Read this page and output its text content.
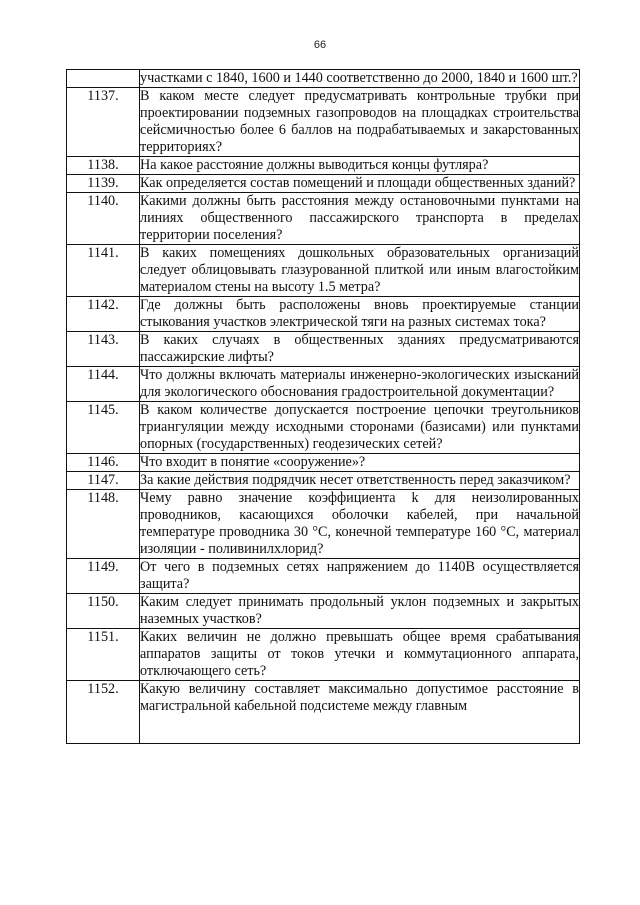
66
	участками с 1840, 1600 и 1440 соответственно до 2000, 1840 и 1600 шт.?
1137.	В каком месте следует предусматривать контрольные трубки при проектировании подземных газопроводов на площадках строительства сейсмичностью более 6 баллов на подрабатываемых и закарстованных территориях?
1138.	На какое расстояние должны выводиться концы футляра?
1139.	Как определяется состав помещений и площади общественных зданий?
1140.	Какими должны быть расстояния между остановочными пунктами на линиях общественного пассажирского транспорта в пределах территории поселения?
1141.	В каких помещениях дошкольных образовательных организаций следует облицовывать глазурованной плиткой или иным влагостойким материалом стены на высоту 1.5 метра?
1142.	Где должны быть расположены вновь проектируемые станции стыкования участков электрической тяги на разных системах тока?
1143.	В каких случаях в общественных зданиях предусматриваются пассажирские лифты?
1144.	Что должны включать материалы инженерно-экологических изысканий для экологического обоснования градостроительной документации?
1145.	В каком количестве допускается построение цепочки треугольников триангуляции между исходными сторонами (базисами) или пунктами опорных (государственных) геодезических сетей?
1146.	Что входит в понятие «сооружение»?
1147.	За какие действия подрядчик несет ответственность перед заказчиком?
1148.	Чему равно значение коэффициента k для неизолированных проводников, касающихся оболочки кабелей, при начальной температуре проводника 30 °С, конечной температуре 160 °С, материал изоляции - поливинилхлорид?
1149.	От чего в подземных сетях напряжением до 1140В осуществляется защита?
1150.	Каким следует принимать продольный уклон подземных и закрытых наземных участков?
1151.	Каких величин не должно превышать общее время срабатывания аппаратов защиты от токов утечки и коммутационного аппарата, отключающего сеть?
1152.	Какую величину составляет максимально допустимое расстояние в магистральной кабельной подсистеме между главным
